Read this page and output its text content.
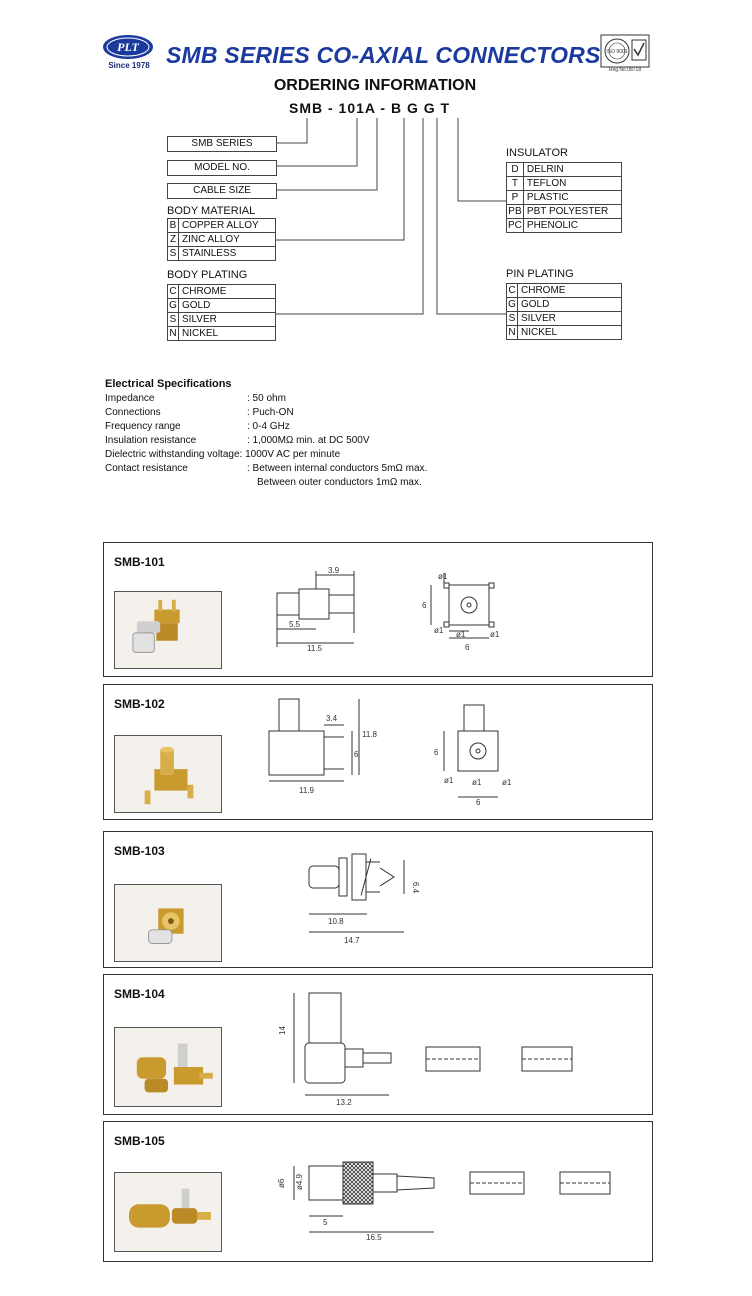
PLT
Since 1978 SMB SERIES CO-AXIAL CONNECTORS ISO 9001
Reg.No.08718
ORDERING INFORMATION
SMB - 101A - B G G T
SMB SERIES
MODEL NO.
CABLE SIZE
BODY MATERIAL
B	COPPER ALLOY
Z	ZINC ALLOY
S	STAINLESS
BODY PLATING
C	CHROME
G	GOLD
S	SILVER
N	NICKEL
INSULATOR
D	DELRIN
T	TEFLON
P	PLASTIC
PB	PBT POLYESTER
PC	PHENOLIC
PIN PLATING
C	CHROME
G	GOLD
S	SILVER
N	NICKEL
Electrical Specifications
Impedance	: 50 ohm
Connections	: Puch-ON
Frequency range	: 0-4 GHz
Insulation resistance	: 1,000MΩ min. at DC 500V
Dielectric withstanding voltage: 1000V AC per minute
Contact resistance	: Between internal conductors 5mΩ max.
Between outer conductors 1mΩ max.
SMB-101
3.9
5.5
11.5
ø1
6
ø1 ø1
6
ø1
SMB-102
3.4
11.8
6
11.9
6
ø1 ø1	ø1
6
SMB-103
6.4
10.8
14.7
SMB-104
14
13.2
SMB-105
ø6 ø4.9
5
16.5
